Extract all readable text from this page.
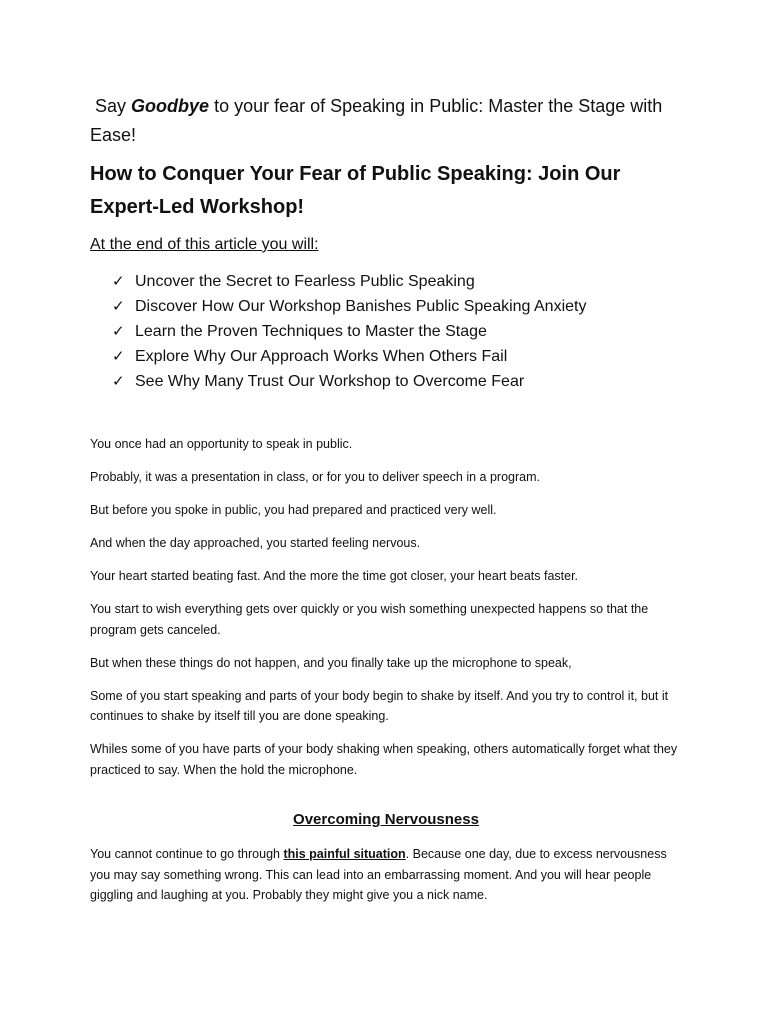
Say Goodbye to your fear of Speaking in Public: Master the Stage with Ease!

How to Conquer Your Fear of Public Speaking: Join Our Expert-Led Workshop!

At the end of this article you will:

✓ Uncover the Secret to Fearless Public Speaking
✓ Discover How Our Workshop Banishes Public Speaking Anxiety
✓ Learn the Proven Techniques to Master the Stage
✓ Explore Why Our Approach Works When Others Fail
✓ See Why Many Trust Our Workshop to Overcome Fear

You once had an opportunity to speak in public.

Probably, it was a presentation in class, or for you to deliver speech in a program.

But before you spoke in public, you had prepared and practiced very well.

And when the day approached, you started feeling nervous.

Your heart started beating fast. And the more the time got closer, your heart beats faster.

You start to wish everything gets over quickly or you wish something unexpected happens so that the program gets canceled.

But when these things do not happen, and you finally take up the microphone to speak,

Some of you start speaking and parts of your body begin to shake by itself. And you try to control it, but it continues to shake by itself till you are done speaking.

Whiles some of you have parts of your body shaking when speaking, others automatically forget what they practiced to say. When the hold the microphone.

Overcoming Nervousness

You cannot continue to go through this painful situation. Because one day, due to excess nervousness you may say something wrong. This can lead into an embarrassing moment. And you will hear people giggling and laughing at you. Probably they might give you a nick name.
